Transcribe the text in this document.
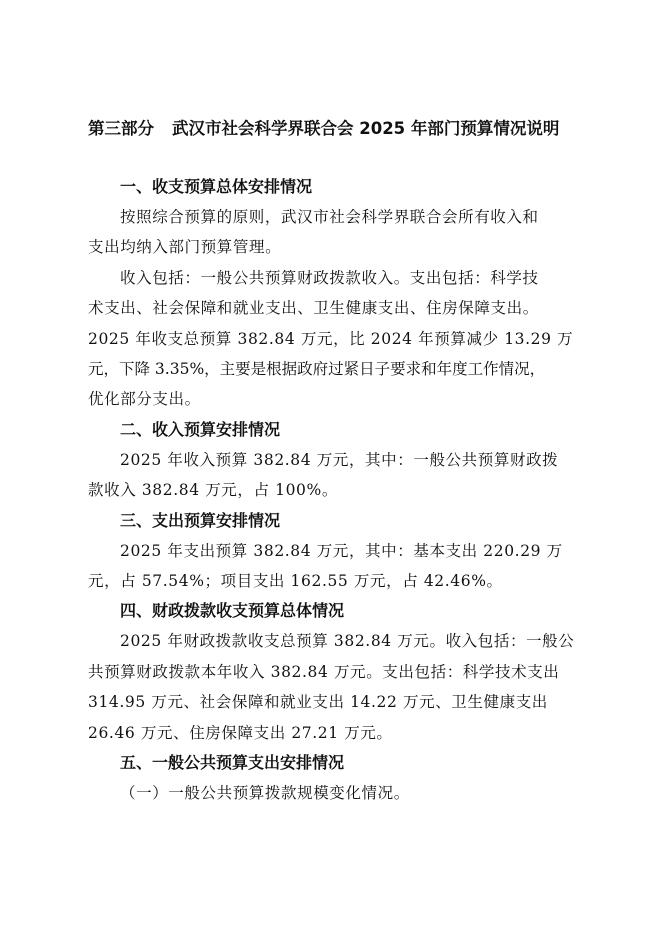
第三部分 武汉市社会科学界联合会 2025 年部门预算情况说明
一、收支预算总体安排情况
按照综合预算的原则，武汉市社会科学界联合会所有收入和
支出均纳入部门预算管理。
收入包括：一般公共预算财政拨款收入。支出包括：科学技
术支出、社会保障和就业支出、卫生健康支出、住房保障支出。
2025 年收支总预算 382.84 万元，比 2024 年预算减少 13.29 万
元，下降 3.35%，主要是根据政府过紧日子要求和年度工作情况，
优化部分支出。
二、收入预算安排情况
2025 年收入预算 382.84 万元，其中：一般公共预算财政拨
款收入 382.84 万元，占 100%。
三、支出预算安排情况
2025 年支出预算 382.84 万元，其中：基本支出 220.29 万
元，占 57.54%；项目支出 162.55 万元，占 42.46%。
四、财政拨款收支预算总体情况
2025 年财政拨款收支总预算 382.84 万元。收入包括：一般公
共预算财政拨款本年收入 382.84 万元。支出包括：科学技术支出
314.95 万元、社会保障和就业支出 14.22 万元、卫生健康支出
26.46 万元、住房保障支出 27.21 万元。
五、一般公共预算支出安排情况
（一）一般公共预算拨款规模变化情况。
